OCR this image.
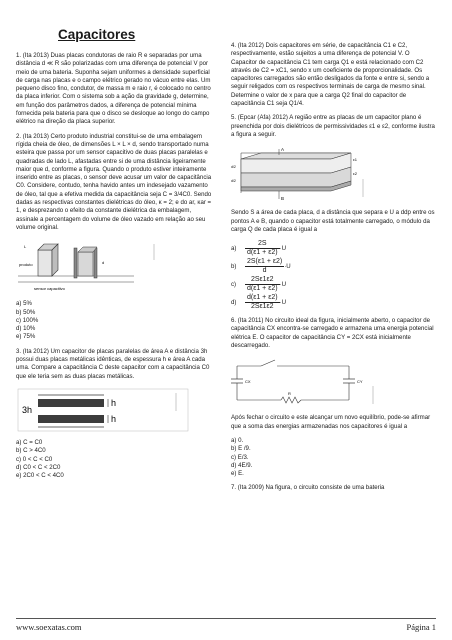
Capacitores

1. (Ita 2013) Duas placas condutoras de raio R e separadas por uma distância d ≪ R são polarizadas com uma diferença de potencial V por meio de uma bateria. Suponha sejam uniformes a densidade superficial de carga nas placas e o campo elétrico gerado no vácuo entre elas. Um pequeno disco fino, condutor, de massa m e raio r, é colocado no centro da placa inferior. Com o sistema sob a ação da gravidade g, determine, em função dos parâmetros dados, a diferença de potencial mínima fornecida pela bateria para que o disco se desloque ao longo do campo elétrico na direção da placa superior.

2. (Ita 2013) Certo produto industrial constitui-se de uma embalagem rígida cheia de óleo, de dimensões L × L × d, sendo transportado numa esteira que passa por um sensor capacitivo de duas placas paralelas e quadradas de lado L, afastadas entre si de uma distância ligeiramente maior que d, conforme a figura. Quando o produto estiver inteiramente inserido entre as placas, o sensor deve acusar um valor de capacitância C0. Considere, contudo, tenha havido antes um indesejado vazamento de óleo, tal que a efetiva medida da capacitância seja C = 3/4C0. Sendo dadas as respectivas constantes dielétricas do óleo, κ = 2; e do ar, κar = 1, e desprezando o efeito da constante dielétrica da embalagem, assinale a percentagem do volume de óleo vazado em relação ao seu volume original.

produto
sensor capacitivo
L
d

a) 5%

b) 50%

c) 100%

d) 10%

e) 75%

3. (Ita 2012) Um capacitor de placas paralelas de área A e distância 3h possui duas placas metálicas idênticas, de espessura h e área A cada uma. Compare a capacitância C deste capacitor com a capacitância C0 que ele teria sem as duas placas metálicas.

3h
h
h

a) C = C0

b) C > 4C0

c) 0 < C < C0

d) C0 < C < 2C0

e) 2C0 < C < 4C0

4. (Ita 2012) Dois capacitores em série, de capacitância C1 e C2, respectivamente, estão sujeitos a uma diferença de potencial V. O Capacitor de capacitância C1 tem carga Q1 e está relacionado com C2 através de C2 = xC1, sendo x um coeficiente de proporcionalidade. Os capacitores carregados são então desligados da fonte e entre si, sendo a seguir religados com os respectivos terminais de carga de mesmo sinal. Determine o valor de x para que a carga Q2 final do capacitor de capacitância C1 seja Q1/4.

5. (Epcar (Afa) 2012) A região entre as placas de um capacitor plano é preenchida por dois dielétricos de permissividades ε1 e ε2, conforme ilustra a figura a seguir.

A
B
ε1
ε2
d/2
d/2

Sendo S a área de cada placa, d a distância que separa e U a ddp entre os pontos A e B, quando o capacitor está totalmente carregado, o módulo da carga Q de cada placa é igual a

a)	$\frac{2S}{d(\varepsilon 1 + \varepsilon 2)} \cdot U$
b)	$\frac{2S(\varepsilon 1 + \varepsilon 2)}{d} \cdot U$
c)	$\frac{2S\varepsilon 1\varepsilon 2}{d(\varepsilon 1 + \varepsilon 2)} \cdot U$
d)	$\frac{d(\varepsilon 1 + \varepsilon 2)}{2S\varepsilon 1\varepsilon 2} \cdot U$

6. (Ita 2011) No circuito ideal da figura, inicialmente aberto, o capacitor de capacitância CX encontra-se carregado e armazena uma energia potencial elétrica E. O capacitor de capacitância CY = 2CX está inicialmente descarregado.

CX	CY
R

Após fechar o circuito e este alcançar um novo equilíbrio, pode-se afirmar que a soma das energias armazenadas nos capacitores é igual a

a) 0.

b) E /9.

c) E/3.

d) 4E/9.

e) E.

7. (Ita 2009) Na figura, o circuito consiste de uma bateria

www.soexatas.com	Página 1
